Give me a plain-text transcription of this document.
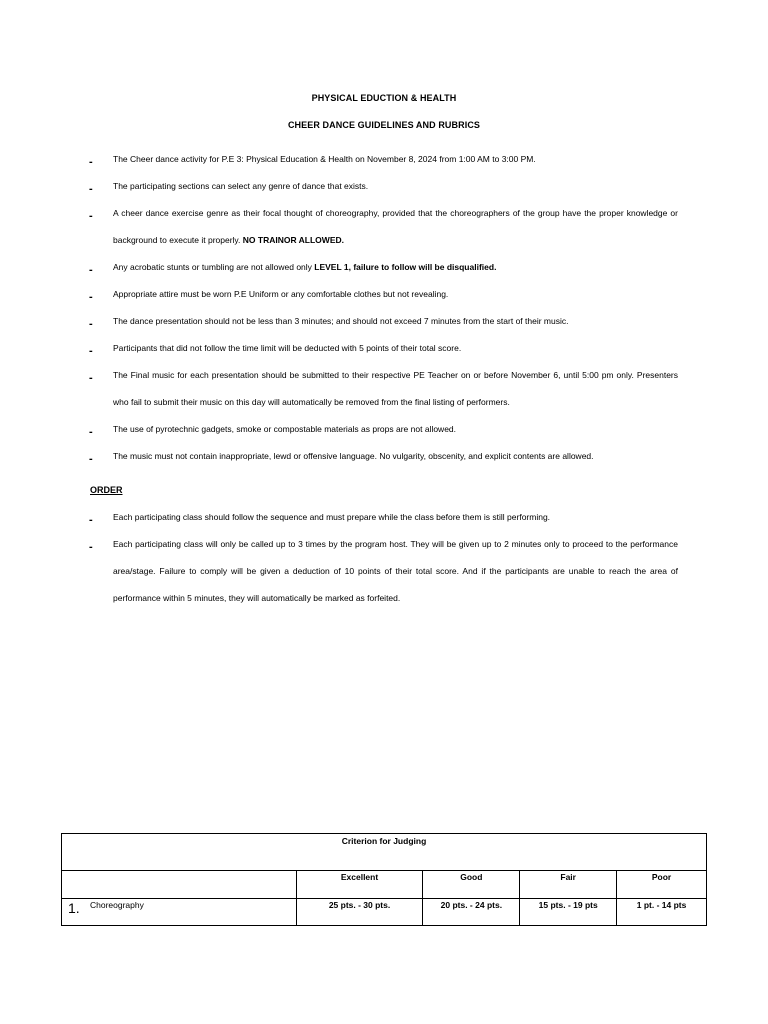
PHYSICAL EDUCTION & HEALTH
CHEER DANCE GUIDELINES AND RUBRICS
- The Cheer dance activity for P.E 3: Physical Education & Health on November 8, 2024 from 1:00 AM to 3:00 PM.
- The participating sections can select any genre of dance that exists.
- A cheer dance exercise genre as their focal thought of choreography, provided that the choreographers of the group have the proper knowledge or background to execute it properly. NO TRAINOR ALLOWED.
- Any acrobatic stunts or tumbling are not allowed only LEVEL 1, failure to follow will be disqualified.
- Appropriate attire must be worn P.E Uniform or any comfortable clothes but not revealing.
- The dance presentation should not be less than 3 minutes; and should not exceed 7 minutes from the start of their music.
- Participants that did not follow the time limit will be deducted with 5 points of their total score.
- The Final music for each presentation should be submitted to their respective PE Teacher on or before November 6, until 5:00 pm only. Presenters who fail to submit their music on this day will automatically be removed from the final listing of performers.
- The use of pyrotechnic gadgets, smoke or compostable materials as props are not allowed.
- The music must not contain inappropriate, lewd or offensive language. No vulgarity, obscenity, and explicit contents are allowed.
ORDER
- Each participating class should follow the sequence and must prepare while the class before them is still performing.
- Each participating class will only be called up to 3 times by the program host. They will be given up to 2 minutes only to proceed to the performance area/stage. Failure to comply will be given a deduction of 10 points of their total score. And if the participants are unable to reach the area of performance within 5 minutes, they will automatically be marked as forfeited.
Criterion for Judging				
	Excellent	Good	Fair	Poor
1. Choreography	25 pts. - 30 pts.	20 pts. - 24 pts.	15 pts. - 19 pts	1 pt. - 14 pts
